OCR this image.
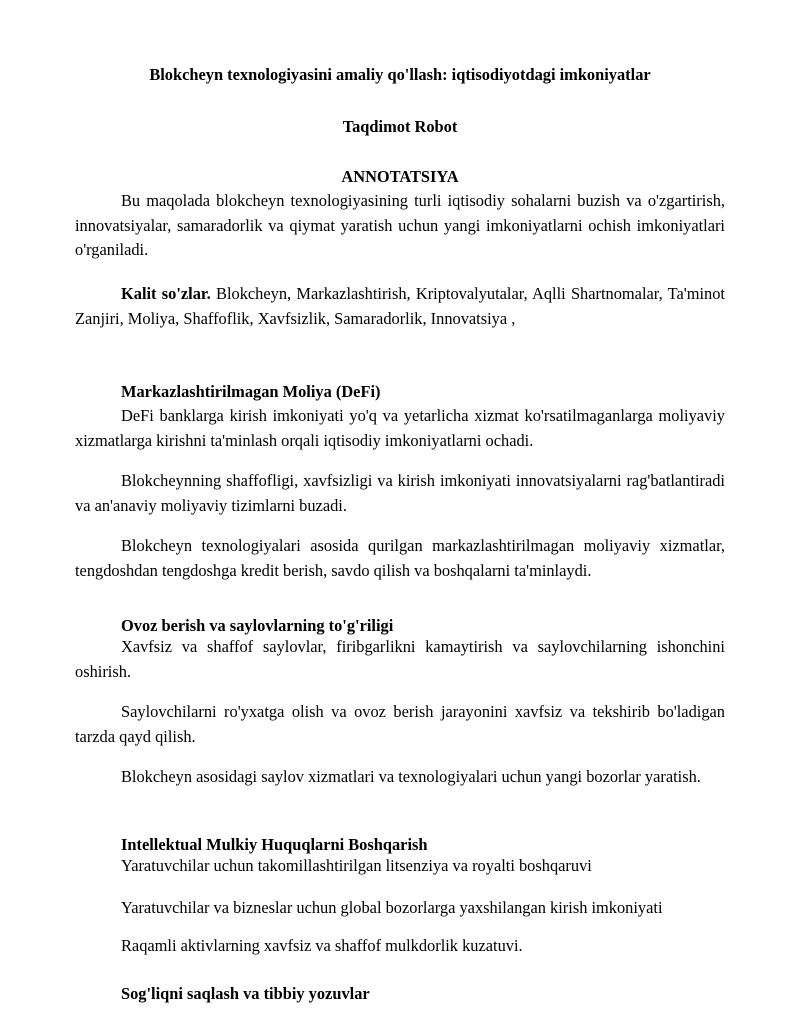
Blokcheyn texnologiyasini amaliy qo'llash: iqtisodiyotdagi imkoniyatlar
Taqdimot Robot
ANNOTATSIYA
Bu maqolada blokcheyn texnologiyasining turli iqtisodiy sohalarni buzish va o'zgartirish, innovatsiyalar, samaradorlik va qiymat yaratish uchun yangi imkoniyatlarni ochish imkoniyatlari o'rganiladi.
Kalit so'zlar. Blokcheyn, Markazlashtirish, Kriptovalyutalar, Aqlli Shartnomalar, Ta'minot Zanjiri, Moliya, Shaffoflik, Xavfsizlik, Samaradorlik, Innovatsiya ,
Markazlashtirilmagan Moliya (DeFi)
DeFi banklarga kirish imkoniyati yo'q va yetarlicha xizmat ko'rsatilmaganlarga moliyaviy xizmatlarga kirishni ta'minlash orqali iqtisodiy imkoniyatlarni ochadi.
Blokcheynning shaffofligi, xavfsizligi va kirish imkoniyati innovatsiyalarni rag'batlantiradi va an'anaviy moliyaviy tizimlarni buzadi.
Blokcheyn texnologiyalari asosida qurilgan markazlashtirilmagan moliyaviy xizmatlar, tengdoshdan tengdoshga kredit berish, savdo qilish va boshqalarni ta'minlaydi.
Ovoz berish va saylovlarning to'g'riligi
Xavfsiz va shaffof saylovlar, firibgarlikni kamaytirish va saylovchilarning ishonchini oshirish.
Saylovchilarni ro'yxatga olish va ovoz berish jarayonini xavfsiz va tekshirib bo'ladigan tarzda qayd qilish.
Blokcheyn asosidagi saylov xizmatlari va texnologiyalari uchun yangi bozorlar yaratish.
Intellektual Mulkiy Huquqlarni Boshqarish
Yaratuvchilar uchun takomillashtirilgan litsenziya va royalti boshqaruvi
Yaratuvchilar va bizneslar uchun global bozorlarga yaxshilangan kirish imkoniyati
Raqamli aktivlarning xavfsiz va shaffof mulkdorlik kuzatuvi.
Sog'liqni saqlash va tibbiy yozuvlar
